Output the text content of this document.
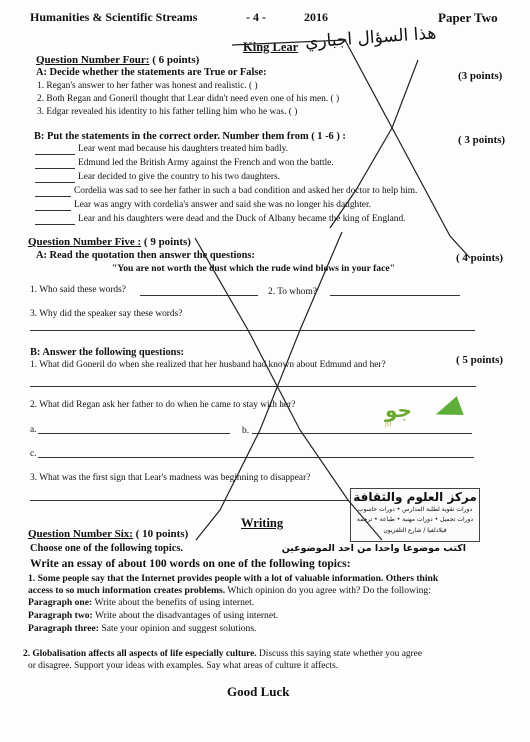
Humanities & Scientific Streams	- 4 -	2016	Paper Two
هذا السؤال اجباري
King Lear
Question Number Four: ( 6 points)
A: Decide whether the statements are True or False:	(3 points)
1. Regan's answer to her father was honest and realistic. ( )
2. Both Regan and Goneril thought that Lear didn't need even one of his men. ( )
3. Edgar revealed his identity to his father telling him who he was. ( )
B: Put the statements in the correct order. Number them from ( 1 -6 ) :	( 3 points)
Lear went mad because his daughters treated him badly.
Edmund led the British Army against the French and won the battle.
Lear decided to give the country to his two daughters.
Cordelia was sad to see her father in such a bad condition and asked her doctor to help him.
Lear was angry with cordelia's answer and said she was no longer his daughter.
Lear and his daughters were dead and the Duck of Albany became the king of England.
Question Number Five : ( 9 points)
A: Read the quotation then answer the questions:	( 4 points)
"You are not worth the dust which the rude wind blows in your face"
1. Who said these words?	2. To whom?
3. Why did the speaker say these words?
B: Answer the following questions:
( 5 points)
1. What did Goneril do when she realized that her husband had known about Edmund and her?
2. What did Regan ask her father to do when he came to stay with her?
a.	b.
c.
3. What was the first sign that Lear's madness was beginning to disappear?
Question Number Six: ( 10 points)
Writing
Choose one of the following topics.	اكتب موضوعا واحدا من احد الموضوعين
Write an essay of about 100 words on one of the following topics:
1. Some people say that the Internet provides people with a lot of valuable information. Others think
access to so much information creates problems. Which opinion do you agree with? Do the following:
Paragraph one: Write about the benefits of using internet.
Paragraph two: Write about the disadvantages of using internet.
Paragraph three: Sate your opinion and suggest solutions.
2. Globalisation affects all aspects of life especially culture. Discuss this saying state whether you agree
or disagree. Support your ideas with examples. Say what areas of culture it affects.
Good Luck
مركز العلوم والثقافة
دورات تقوية لطلبة المدارس • دورات حاسوب
دورات تجميل • دورات مهنية • طباعة • ترجمة
فيلادلفيا / شارع التلفزيون
جو
JO
